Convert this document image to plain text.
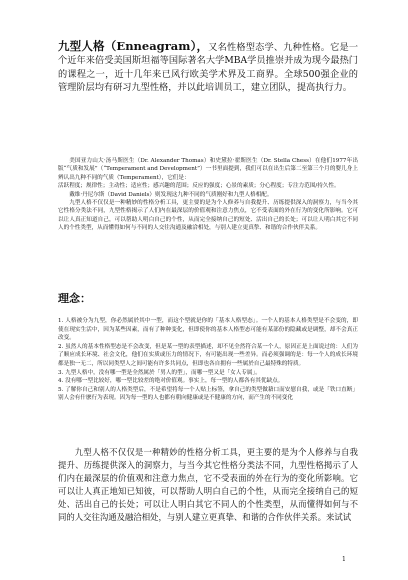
九型人格（Enneagram），又名性格型态学、九种性格。它是一个近年来倍受美国斯坦福等国际著名大学MBA学员推崇并成为现今最热门的课程之一，近十几年来已风行欧美学术界及工商界。全球500强企业的管理阶层均有研习九型性格，并以此培训员工，建立团队，提高执行力。

美国亚力山大·汤马斯医生（Dr. Alexander Thomas）和史黛拉·翟斯医生（Dr. Stella Chess）在他们1977年出版“气质和发展”（“Temperament and Development”）一书里面提到，我们可以在出生后第二至第三个月的婴儿身上辨认出九种不同的气质（Temperament），它们是：

活跃程度；规律性；主动性；适应性；感兴趣的范围；反应的强度；心景的素质；分心程度；专注力范围/持久性。

戴维·丹尼尔斯（David Daniels）则发现这九种不同的气质刚好和九型人格相配。

九型人格不仅仅是一种精妙的性格分析工具，更主要的是为个人修养与自我提升、历练提供深入的洞察力，与当今其它性格分类法不同，九型性格揭示了人们内在最深层的价值观和注意力焦点，它不受表面的外在行为的变化所影响。它可以让人真正知道自己，可以帮助人明白自己的个性，从而完全接纳自己的短处、活出自己的长处；可以让人明白其它不同人的个性类型，从而懂得如何与不同的人交往沟通及融洽相处，与别人建立更真挚、和谐的合作伙伴关系。

理念：

1. 人格被分为九型，你必然属於其中一型，而这个型就是你的「基本人格型态」。一个人的基本人格类型是不会变的，即使在现实生活中，因为某些因素，而有了种种变化，但即使你的基本人格型态可能有某部份的隐藏或是调整，却不会真正改变。

2. 虽然人的基本性格型态是不会改变，但是某一型的表型描述，却不见全然符合某一个人，原因正是上面说过的：人们为了顺应成长环境、社会文化，他们在实质或压力的情况下，有可能出现一些差异。而必须强调的是：每一个人的成长环境都是独一无二，所以同类型人之间可能有许多共同点，但即也各自拥有一些属於自己最特殊的特质。

3. 九型人格中，没有哪一型是全然属於「男人的型」，而哪一型又是「女人专属」。

4. 没有哪一型比较好，哪一型比较差的绝对价值观。事实上，每一型的人都各有其优缺点。

5. 了解你自己和别人的人格类型后，不是希望将每一个人贴上标签，拿自己的类型做藉口而安慰自我，或是「铁口直断」别人会有什麽行为表现。因为每一型的人也都有朝向健康或是不健康的方向，而产生的不同变化

九型人格不仅仅是一种精妙的性格分析工具，更主要的是为个人修养与自我提升、历练提供深入的洞察力，与当今其它性格分类法不同，九型性格揭示了人们内在最深层的价值观和注意力焦点，它不受表面的外在行为的变化所影响。它可以让人真正地知已知彼，可以帮助人明白自己的个性，从而完全接纳自己的短处、活出自己的长处；可以让人明白其它不同人的个性类型，从而懂得如何与不同的人交往沟通及融洽相处，与别人建立更真挚、和谐的合作伙伴关系。来试试
1
